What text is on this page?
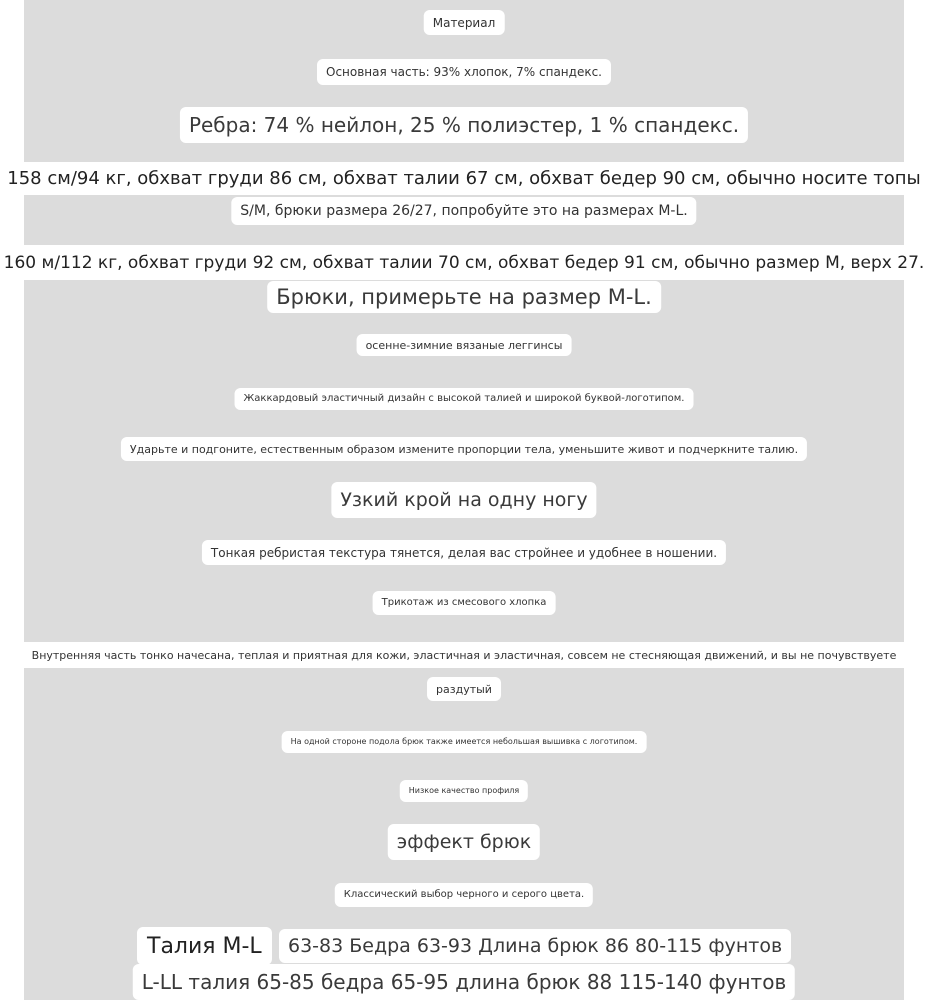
Материал
Основная часть: 93% хлопок, 7% спандекс.
Ребра: 74 % нейлон, 25 % полиэстер, 1 % спандекс.
158 см/94 кг, обхват груди 86 см, обхват талии 67 см, обхват бедер 90 см, обычно носите топы
S/M, брюки размера 26/27, попробуйте это на размерах M-L.
160 м/112 кг, обхват груди 92 см, обхват талии 70 см, обхват бедер 91 см, обычно размер M, верх 27.
Брюки, примерьте на размер M-L.
осенне-зимние вязаные леггинсы
Жаккардовый эластичный дизайн с высокой талией и широкой буквой-логотипом.
Ударьте и подгоните, естественным образом измените пропорции тела, уменьшите живот и подчеркните талию.
Узкий крой на одну ногу
Тонкая ребристая текстура тянется, делая вас стройнее и удобнее в ношении.
Трикотаж из смесового хлопка
Внутренняя часть тонко начесана, теплая и приятная для кожи, эластичная и эластичная, совсем не стесняющая движений, и вы не почувствуете
раздутый
На одной стороне подола брюк также имеется небольшая вышивка с логотипом.
Низкое качество профиля
эффект брюк
Классический выбор черного и серого цвета.
Талия M-L	63-83 Бедра 63-93 Длина брюк 86 80-115 фунтов
L-LL талия 65-85 бедра 65-95 длина брюк 88 115-140 фунтов
